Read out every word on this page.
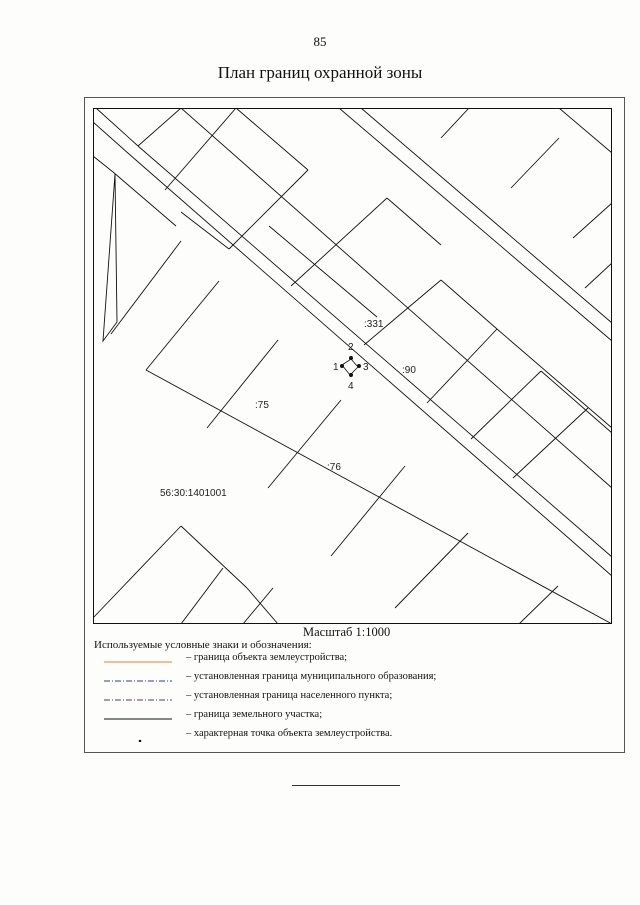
85
План границ охранной зоны
1
2
3
4
:331
:90
:75
:76
56:30:1401001
Масштаб 1:1000
Используемые условные знаки и обозначения:
– граница объекта землеустройства;
– установленная граница муниципального образования;
– установленная граница населенного пункта;
– граница земельного участка;
– характерная точка объекта землеустройства.
